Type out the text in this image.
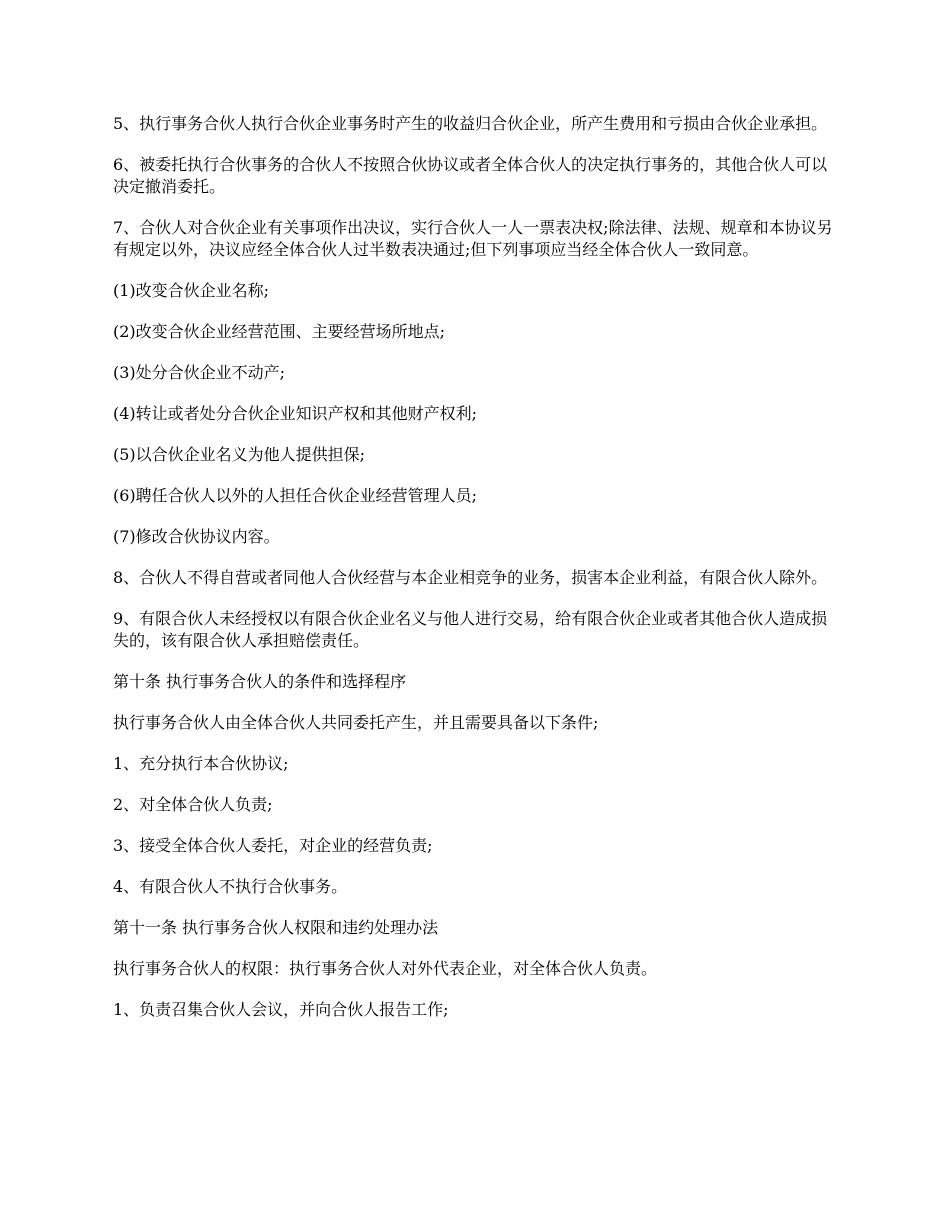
5、执行事务合伙人执行合伙企业事务时产生的收益归合伙企业，所产生费用和亏损由合伙企业承担。

6、被委托执行合伙事务的合伙人不按照合伙协议或者全体合伙人的决定执行事务的，其他合伙人可以决定撤消委托。

7、合伙人对合伙企业有关事项作出决议，实行合伙人一人一票表决权;除法律、法规、规章和本协议另有规定以外，决议应经全体合伙人过半数表决通过;但下列事项应当经全体合伙人一致同意。

(1)改变合伙企业名称;

(2)改变合伙企业经营范围、主要经营场所地点;

(3)处分合伙企业不动产;

(4)转让或者处分合伙企业知识产权和其他财产权利;

(5)以合伙企业名义为他人提供担保;

(6)聘任合伙人以外的人担任合伙企业经营管理人员;

(7)修改合伙协议内容。

8、合伙人不得自营或者同他人合伙经营与本企业相竞争的业务，损害本企业利益，有限合伙人除外。

9、有限合伙人未经授权以有限合伙企业名义与他人进行交易，给有限合伙企业或者其他合伙人造成损失的，该有限合伙人承担赔偿责任。

第十条 执行事务合伙人的条件和选择程序

执行事务合伙人由全体合伙人共同委托产生，并且需要具备以下条件;

1、充分执行本合伙协议;

2、对全体合伙人负责;

3、接受全体合伙人委托，对企业的经营负责;

4、有限合伙人不执行合伙事务。

第十一条 执行事务合伙人权限和违约处理办法

执行事务合伙人的权限：执行事务合伙人对外代表企业，对全体合伙人负责。

1、负责召集合伙人会议，并向合伙人报告工作;
